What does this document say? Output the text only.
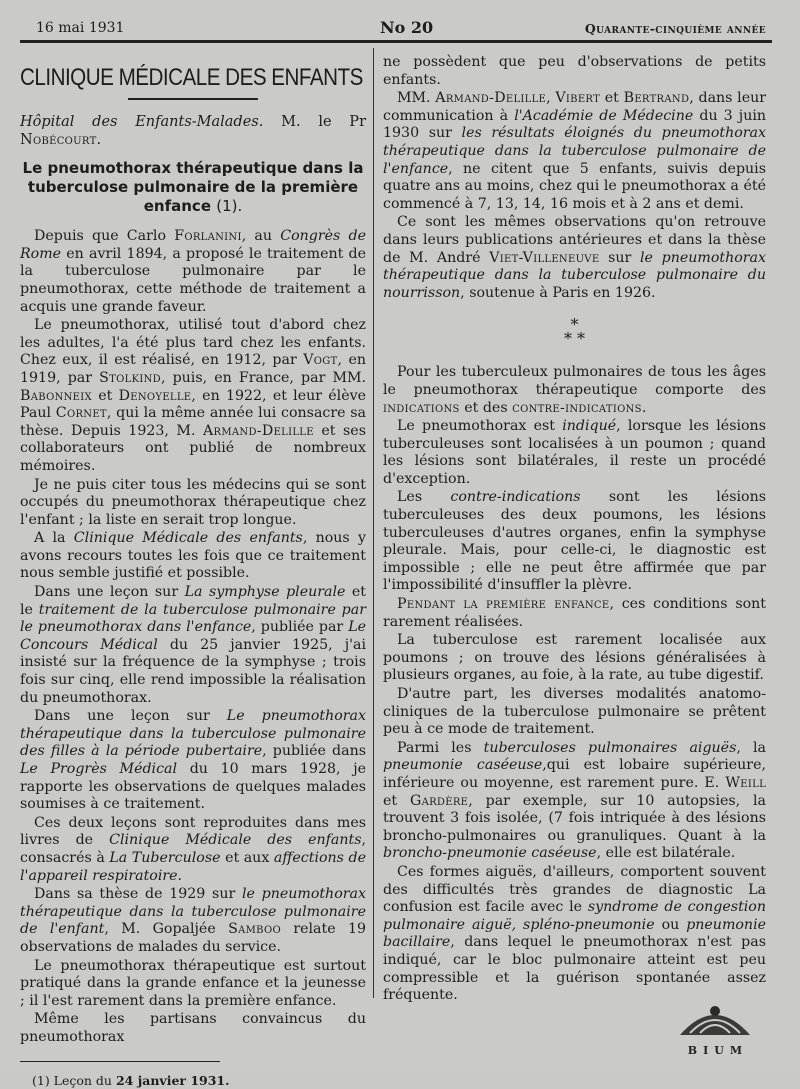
16 mai 1931	No 20	Quarante-cinquième année
CLINIQUE MÉDICALE DES ENFANTS
Hôpital des Enfants-Malades. M. le Pr Nobécourt.
Le pneumothorax thérapeutique dans la tuberculose pulmonaire de la première enfance (1).

Depuis que Carlo Forlanini, au Congrès de Rome en avril 1894, a proposé le traitement de la tuberculose pulmonaire par le pneumothorax, cette méthode de traitement a acquis une grande faveur.

Le pneumothorax, utilisé tout d'abord chez les adultes, l'a été plus tard chez les enfants. Chez eux, il est réalisé, en 1912, par Vogt, en 1919, par Stolkind, puis, en France, par MM. Babonneix et Denoyelle, en 1922, et leur élève Paul Cornet, qui la même année lui consacre sa thèse. Depuis 1923, M. Armand-Delille et ses collaborateurs ont publié de nombreux mémoires.

Je ne puis citer tous les médecins qui se sont occupés du pneumothorax thérapeutique chez l'enfant ; la liste en serait trop longue.

A la Clinique Médicale des enfants, nous y avons recours toutes les fois que ce traitement nous semble justifié et possible.

Dans une leçon sur La symphyse pleurale et le traitement de la tuberculose pulmonaire par le pneumothorax dans l'enfance, publiée par Le Concours Médical du 25 janvier 1925, j'ai insisté sur la fréquence de la symphyse ; trois fois sur cinq, elle rend impossible la réalisation du pneumothorax.

Dans une leçon sur Le pneumothorax thérapeutique dans la tuberculose pulmonaire des filles à la période pubertaire, publiée dans Le Progrès Médical du 10 mars 1928, je rapporte les observations de quelques malades soumises à ce traitement.

Ces deux leçons sont reproduites dans mes livres de Clinique Médicale des enfants, consacrés à La Tuberculose et aux affections de l'appareil respiratoire.

Dans sa thèse de 1929 sur le pneumothorax thérapeutique dans la tuberculose pulmonaire de l'enfant, M. Gopaljée Samboo relate 19 observations de malades du service.

Le pneumothorax thérapeutique est surtout pratiqué dans la grande enfance et la jeunesse ; il l'est rarement dans la première enfance.

Même les partisans convaincus du pneumothorax

(1) Leçon du 24 janvier 1931.

ne possèdent que peu d'observations de petits enfants.

MM. Armand-Delille, Vibert et Bertrand, dans leur communication à l'Académie de Médecine du 3 juin 1930 sur les résultats éloignés du pneumothorax thérapeutique dans la tuberculose pulmonaire de l'enfance, ne citent que 5 enfants, suivis depuis quatre ans au moins, chez qui le pneumothorax a été commencé à 7, 13, 14, 16 mois et à 2 ans et demi.

Ce sont les mêmes observations qu'on retrouve dans leurs publications antérieures et dans la thèse de M. André Viet-Villeneuve sur le pneumothorax thérapeutique dans la tuberculose pulmonaire du nourrisson, soutenue à Paris en 1926.

*
* *

Pour les tuberculeux pulmonaires de tous les âges le pneumothorax thérapeutique comporte des indications et des contre-indications.

Le pneumothorax est indiqué, lorsque les lésions tuberculeuses sont localisées à un poumon ; quand les lésions sont bilatérales, il reste un procédé d'exception.

Les contre-indications sont les lésions tuberculeuses des deux poumons, les lésions tuberculeuses d'autres organes, enfin la symphyse pleurale. Mais, pour celle-ci, le diagnostic est impossible ; elle ne peut être affirmée que par l'impossibilité d'insuffler la plèvre.

Pendant la première enfance, ces conditions sont rarement réalisées.

La tuberculose est rarement localisée aux poumons ; on trouve des lésions généralisées à plusieurs organes, au foie, à la rate, au tube digestif.

D'autre part, les diverses modalités anatomo-cliniques de la tuberculose pulmonaire se prêtent peu à ce mode de traitement.

Parmi les tuberculoses pulmonaires aiguës, la pneumonie caséeuse,qui est lobaire supérieure, inférieure ou moyenne, est rarement pure. E. Weill et Gardère, par exemple, sur 10 autopsies, la trouvent 3 fois isolée, (7 fois intriquée à des lésions broncho-pulmonaires ou granuliques. Quant à la broncho-pneumonie caséeuse, elle est bilatérale.

Ces formes aiguës, d'ailleurs, comportent souvent des difficultés très grandes de diagnostic La confusion est facile avec le syndrome de congestion pulmonaire aiguë, spléno-pneumonie ou pneumonie bacillaire, dans lequel le pneumothorax n'est pas indiqué, car le bloc pulmonaire atteint est peu compressible et la guérison spontanée assez fréquente.

BIUM
